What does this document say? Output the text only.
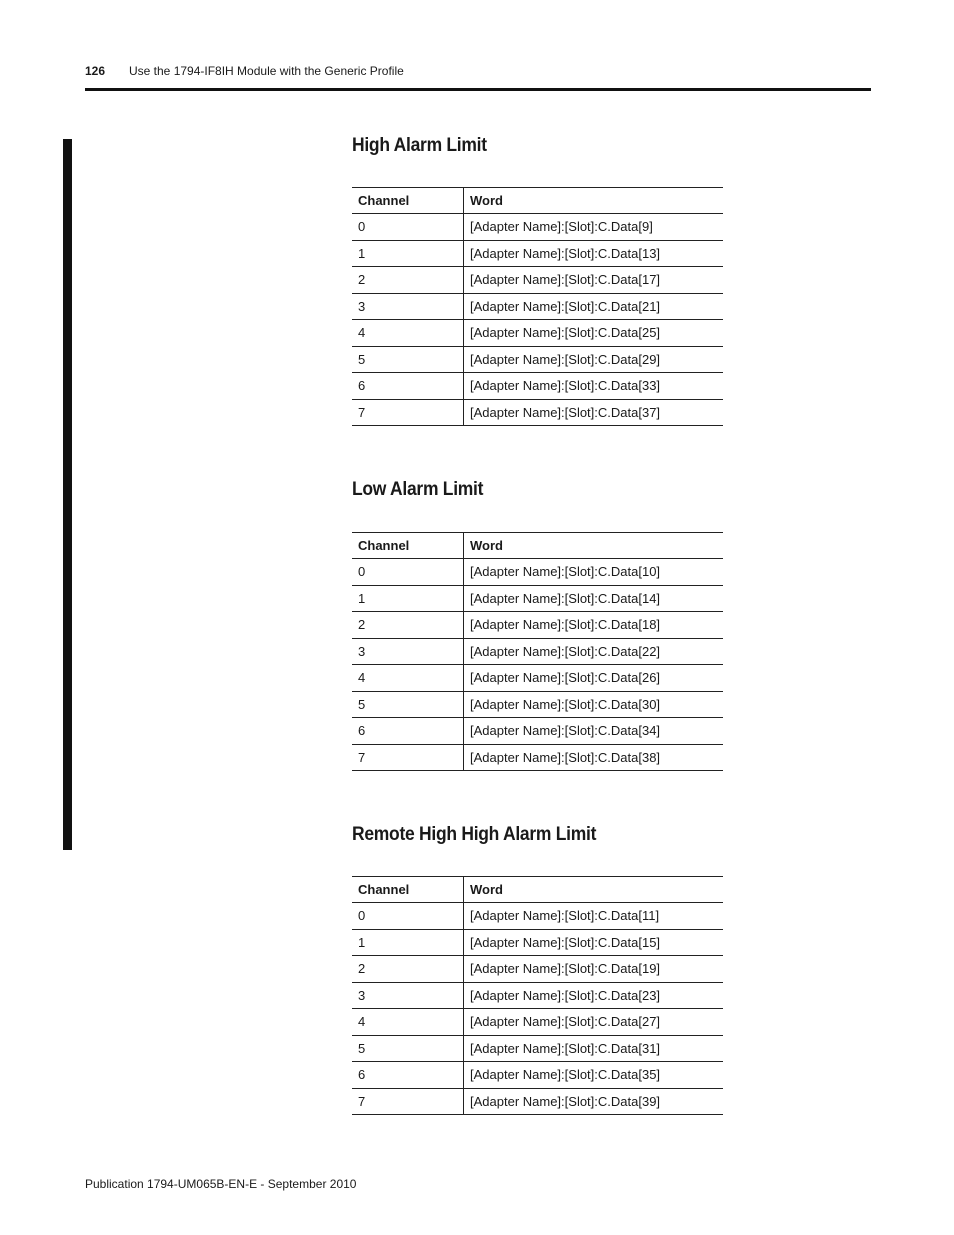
126 Use the 1794-IF8IH Module with the Generic Profile
High Alarm Limit
Channel	Word
0	[Adapter Name]:[Slot]:C.Data[9]
1	[Adapter Name]:[Slot]:C.Data[13]
2	[Adapter Name]:[Slot]:C.Data[17]
3	[Adapter Name]:[Slot]:C.Data[21]
4	[Adapter Name]:[Slot]:C.Data[25]
5	[Adapter Name]:[Slot]:C.Data[29]
6	[Adapter Name]:[Slot]:C.Data[33]
7	[Adapter Name]:[Slot]:C.Data[37]
Low Alarm Limit
Channel	Word
0	[Adapter Name]:[Slot]:C.Data[10]
1	[Adapter Name]:[Slot]:C.Data[14]
2	[Adapter Name]:[Slot]:C.Data[18]
3	[Adapter Name]:[Slot]:C.Data[22]
4	[Adapter Name]:[Slot]:C.Data[26]
5	[Adapter Name]:[Slot]:C.Data[30]
6	[Adapter Name]:[Slot]:C.Data[34]
7	[Adapter Name]:[Slot]:C.Data[38]
Remote High High Alarm Limit
Channel	Word
0	[Adapter Name]:[Slot]:C.Data[11]
1	[Adapter Name]:[Slot]:C.Data[15]
2	[Adapter Name]:[Slot]:C.Data[19]
3	[Adapter Name]:[Slot]:C.Data[23]
4	[Adapter Name]:[Slot]:C.Data[27]
5	[Adapter Name]:[Slot]:C.Data[31]
6	[Adapter Name]:[Slot]:C.Data[35]
7	[Adapter Name]:[Slot]:C.Data[39]
Publication 1794-UM065B-EN-E - September 2010
